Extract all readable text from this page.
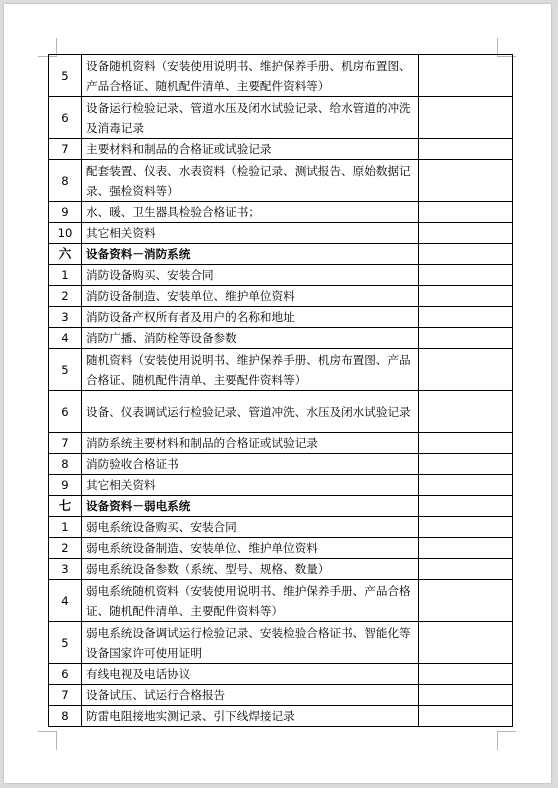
5	设备随机资料（安装使用说明书、维护保养手册、机房布置图、产品合格证、随机配件清单、主要配件资料等）	
6	设备运行检验记录、管道水压及闭水试验记录、给水管道的冲洗及消毒记录	
7	主要材料和制品的合格证或试验记录	
8	配套装置、仪表、水表资料（检验记录、测试报告、原始数据记录、强检资料等）	
9	水、暖、卫生器具检验合格证书；	
10	其它相关资料	
六	设备资料－消防系统	
1	消防设备购买、安装合同	
2	消防设备制造、安装单位、维护单位资料	
3	消防设备产权所有者及用户的名称和地址	
4	消防广播、消防栓等设备参数	
5	随机资料（安装使用说明书、维护保养手册、机房布置图、产品合格证、随机配件清单、主要配件资料等）	
6	设备、仪表调试运行检验记录、管道冲洗、水压及闭水试验记录	
7	消防系统主要材料和制品的合格证或试验记录	
8	消防验收合格证书	
9	其它相关资料	
七	设备资料－弱电系统	
1	弱电系统设备购买、安装合同	
2	弱电系统设备制造、安装单位、维护单位资料	
3	弱电系统设备参数（系统、型号、规格、数量）	
4	弱电系统随机资料（安装使用说明书、维护保养手册、产品合格证、随机配件清单、主要配件资料等）	
5	弱电系统设备调试运行检验记录、安装检验合格证书、智能化等设备国家许可使用证明	
6	有线电视及电话协议	
7	设备试压、试运行合格报告	
8	防雷电阻接地实测记录、引下线焊接记录	
